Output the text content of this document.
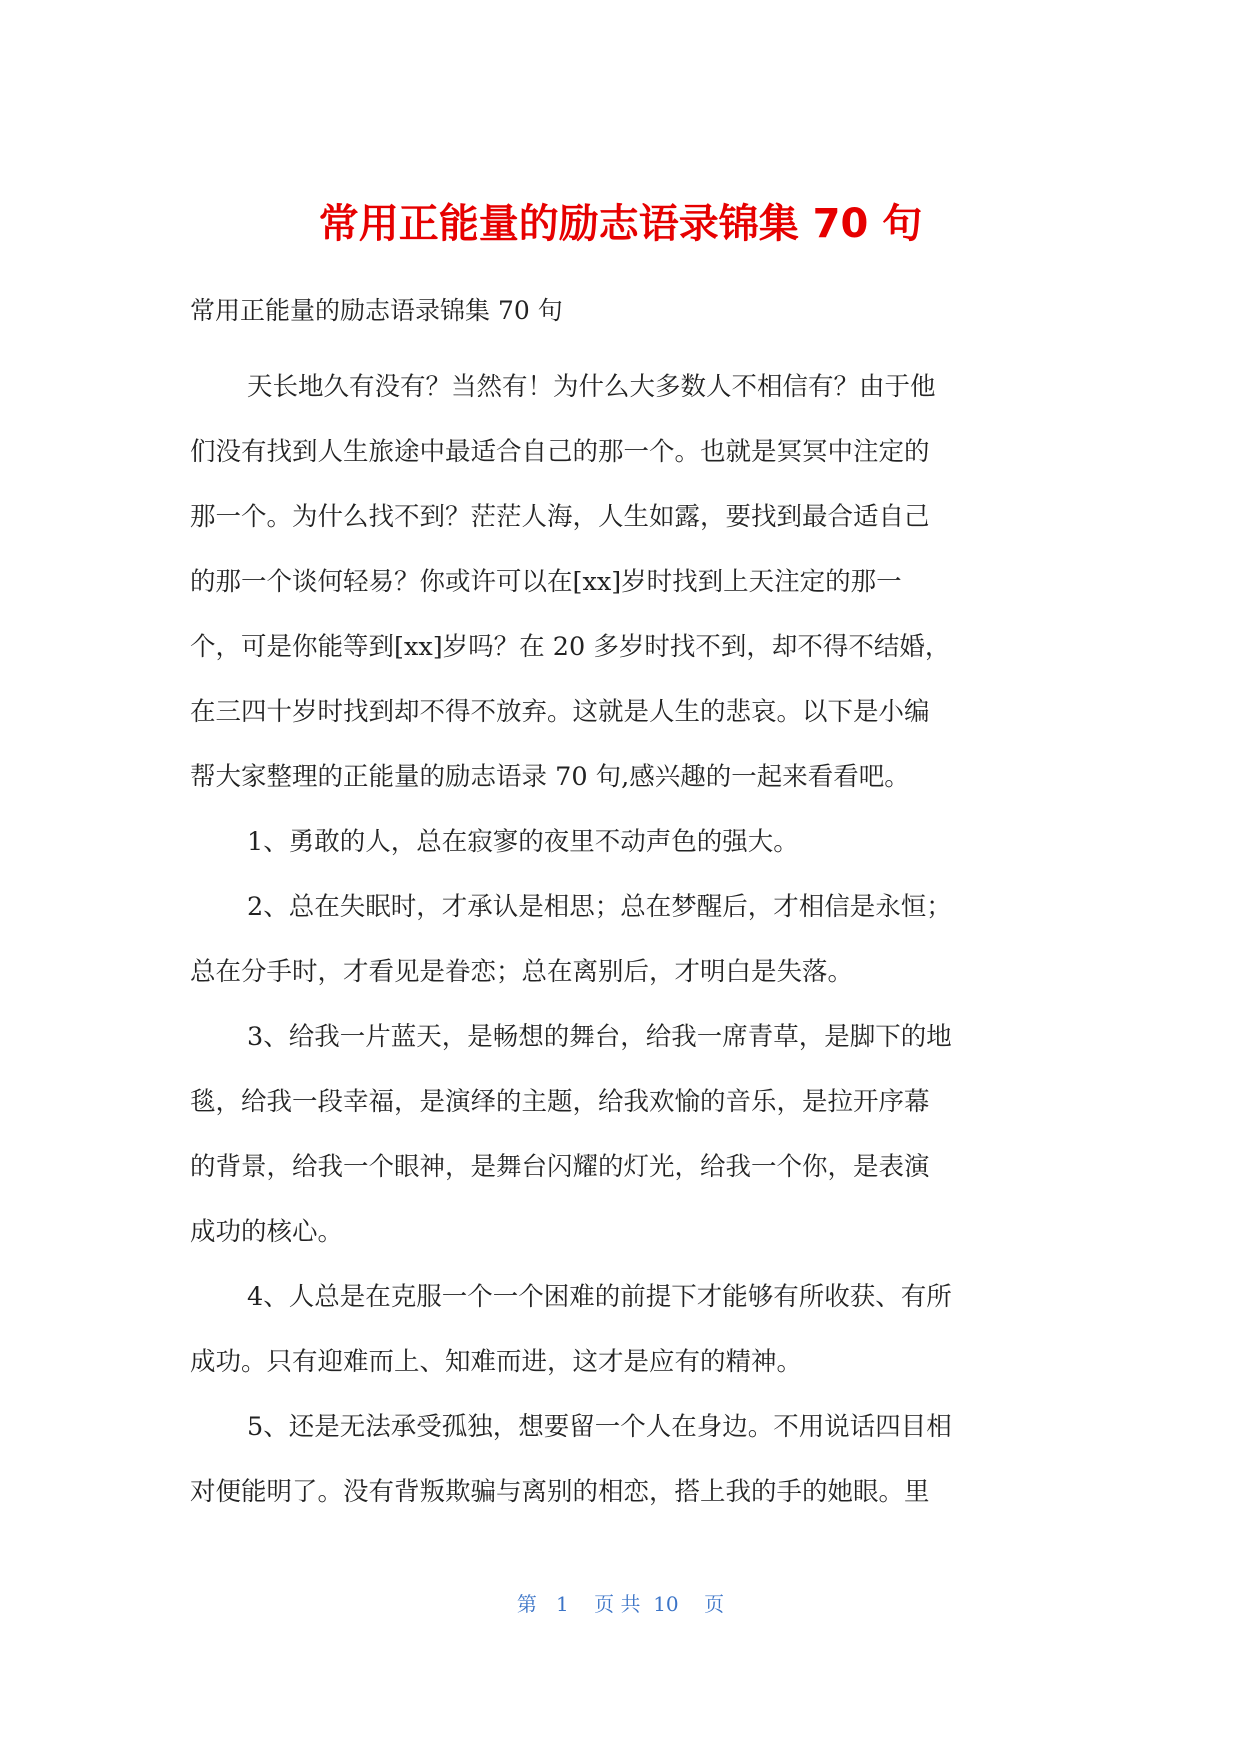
常用正能量的励志语录锦集 70 句
常用正能量的励志语录锦集 70 句
天长地久有没有？当然有！为什么大多数人不相信有？由于他
们没有找到人生旅途中最适合自己的那一个。也就是冥冥中注定的
那一个。为什么找不到？茫茫人海，人生如露，要找到最合适自己
的那一个谈何轻易？你或许可以在[xx]岁时找到上天注定的那一
个，可是你能等到[xx]岁吗？在 20 多岁时找不到，却不得不结婚，
在三四十岁时找到却不得不放弃。这就是人生的悲哀。以下是小编
帮大家整理的正能量的励志语录 70 句,感兴趣的一起来看看吧。
1、勇敢的人，总在寂寥的夜里不动声色的强大。
2、总在失眠时，才承认是相思；总在梦醒后，才相信是永恒；
总在分手时，才看见是眷恋；总在离别后，才明白是失落。
3、给我一片蓝天，是畅想的舞台，给我一席青草，是脚下的地
毯，给我一段幸福，是演绎的主题，给我欢愉的音乐，是拉开序幕
的背景，给我一个眼神，是舞台闪耀的灯光，给我一个你，是表演
成功的核心。
4、人总是在克服一个一个困难的前提下才能够有所收获、有所
成功。只有迎难而上、知难而进，这才是应有的精神。
5、还是无法承受孤独，想要留一个人在身边。不用说话四目相
对便能明了。没有背叛欺骗与离别的相恋，搭上我的手的她眼。里
第   1    页 共  10    页
